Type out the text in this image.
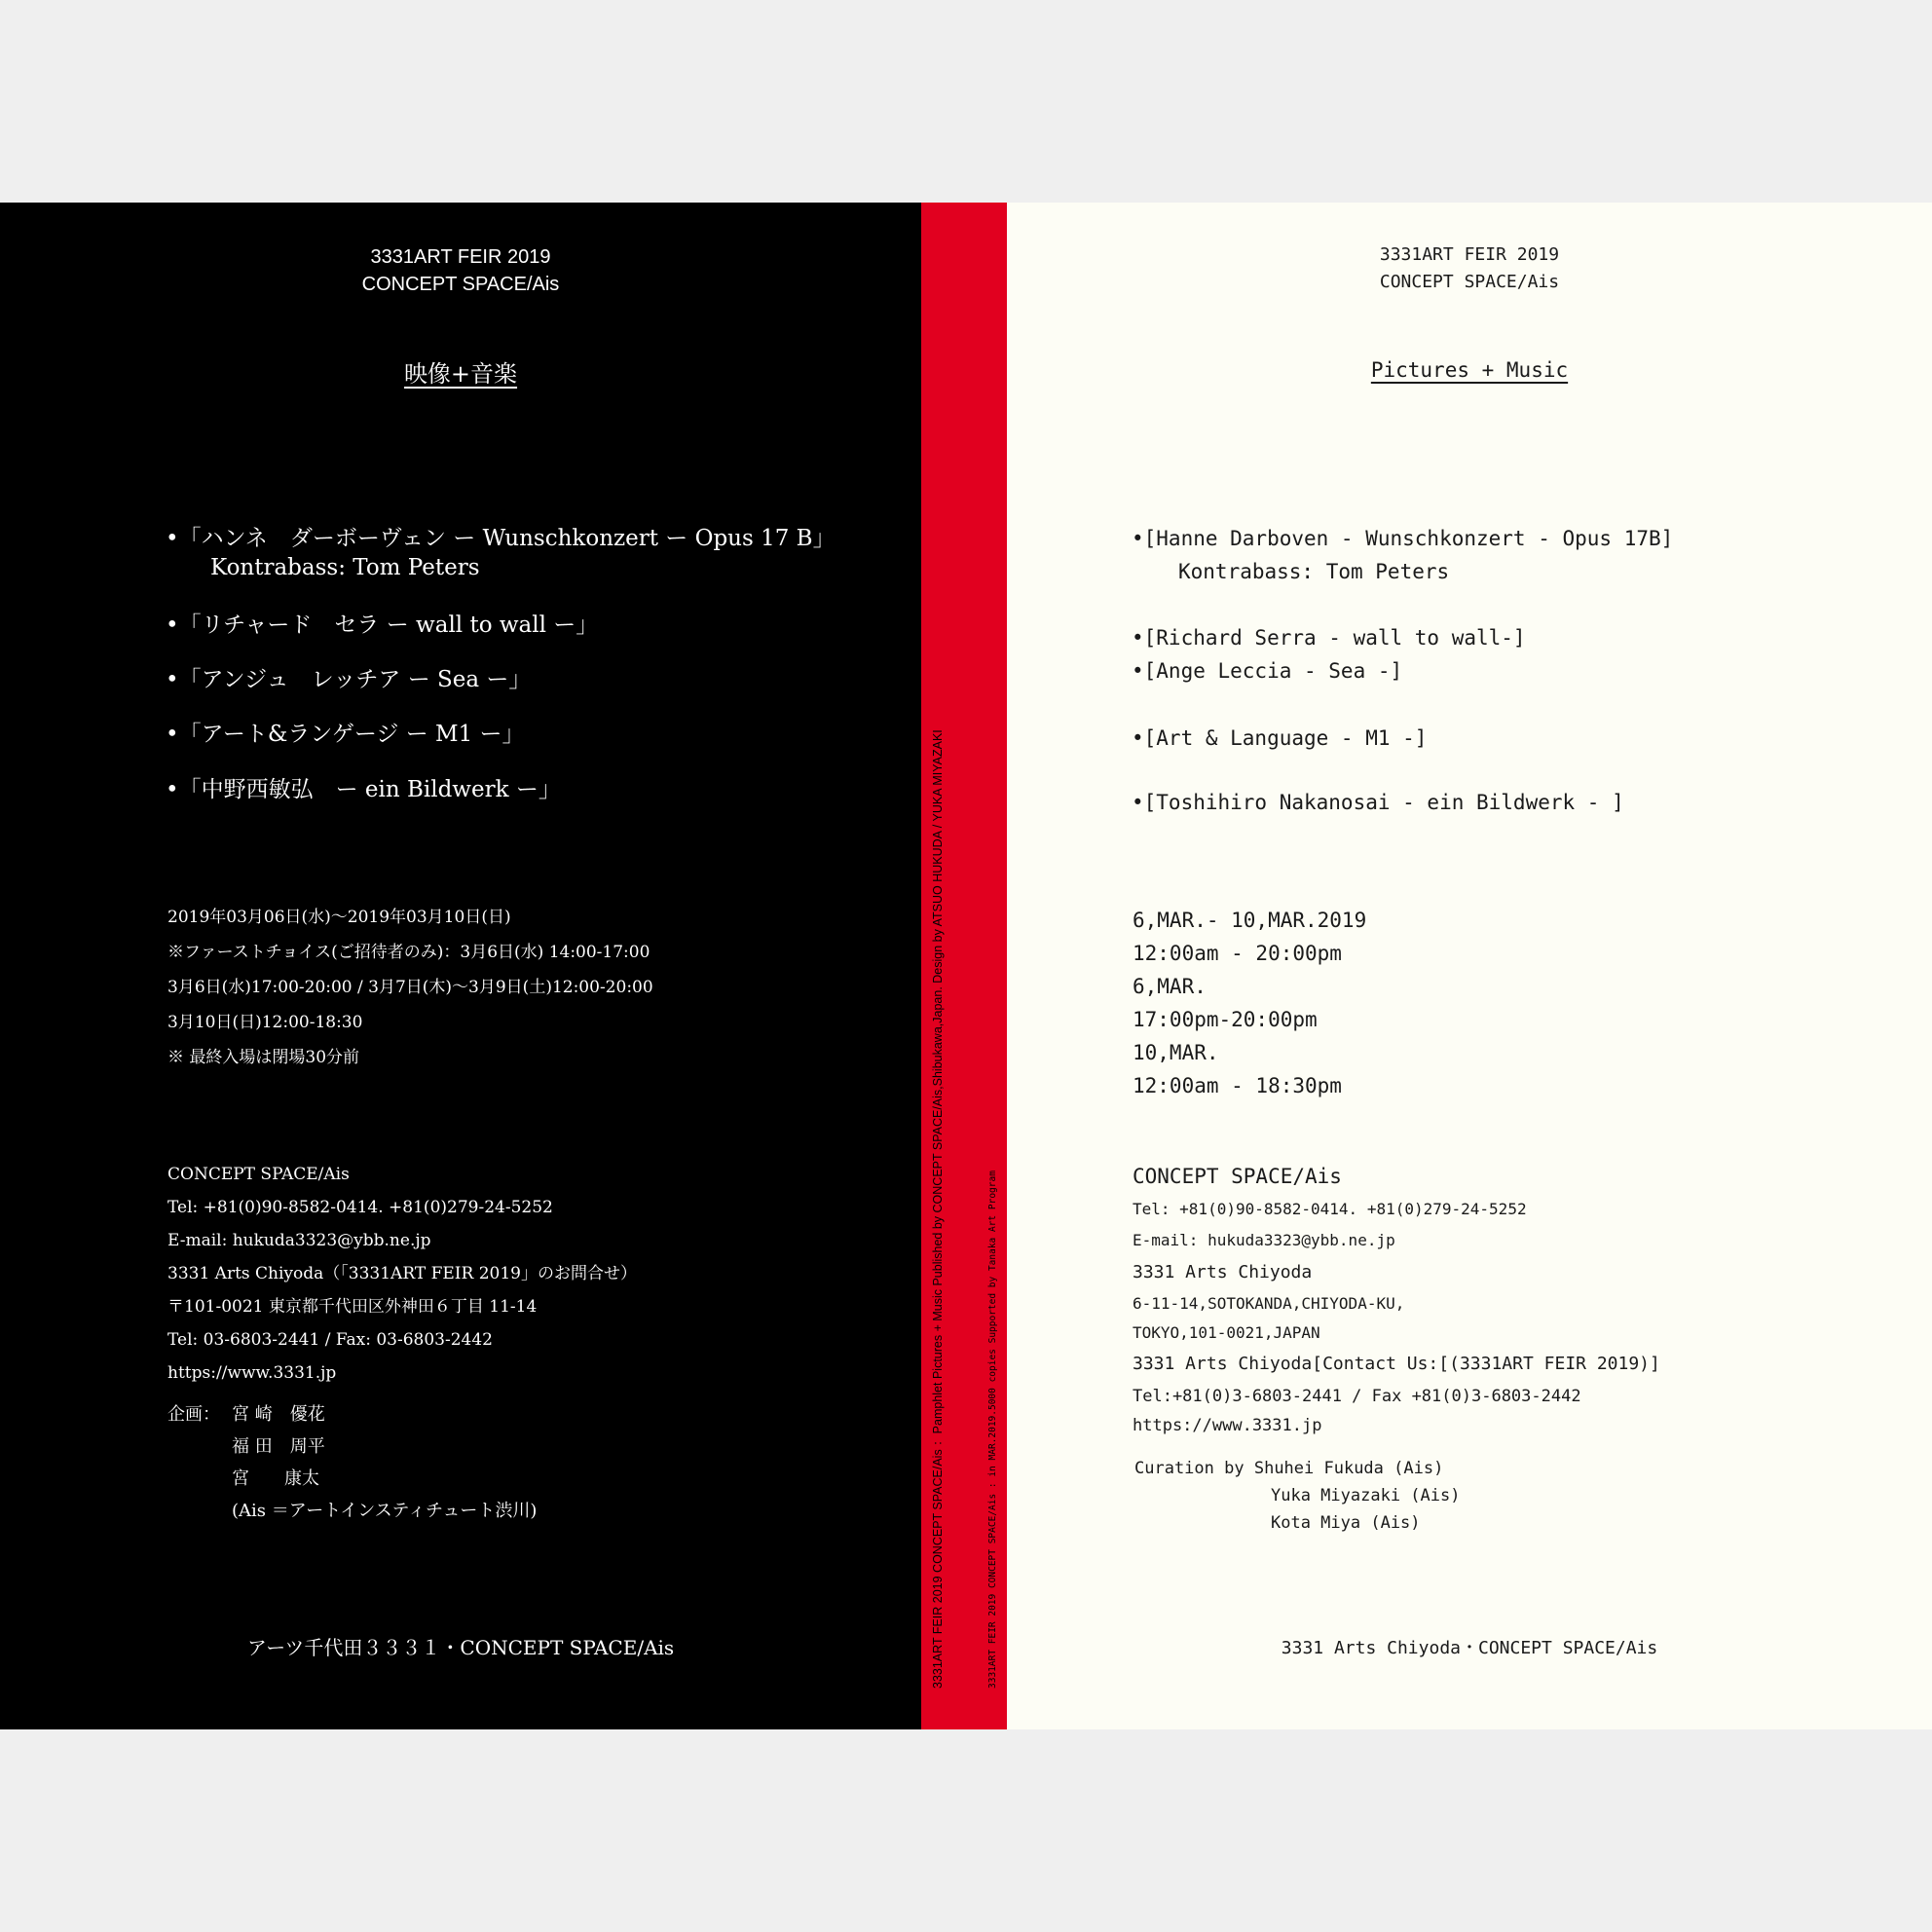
3331ART FEIR 2019
CONCEPT SPACE/Ais
映像+音楽
•「ハンネ　ダーボーヴェン ー Wunschkonzert ー Opus 17 B」
Kontrabass: Tom Peters
•「リチャード　セラ ー wall to wall ー」
•「アンジュ　レッチア ー Sea ー」
•「アート&ランゲージ ー M1 ー」
•「中野西敏弘　ー ein Bildwerk ー」
2019年03月06日(水)〜2019年03月10日(日)
※ファーストチョイス(ご招待者のみ)：3月6日(水) 14:00-17:00
3月6日(水)17:00-20:00 / 3月7日(木)〜3月9日(土)12:00-20:00
3月10日(日)12:00-18:30
※ 最終入場は閉場30分前
CONCEPT SPACE/Ais
Tel: +81(0)90-8582-0414. +81(0)279-24-5252
E-mail: hukuda3323@ybb.ne.jp
3331 Arts Chiyoda（「3331ART FEIR 2019」のお問合せ）
〒101-0021 東京都千代田区外神田６丁目 11-14
Tel: 03-6803-2441 / Fax: 03-6803-2442
https://www.3331.jp
企画： 宮 崎　優花
福 田　周平
宮　　康太
(Ais ＝アートインスティチュート渋川)
アーツ千代田３３３１・CONCEPT SPACE/Ais
3331ART FEIR 2019
CONCEPT SPACE/Ais
Pictures + Music
•[Hanne Darboven - Wunschkonzert - Opus 17B]
Kontrabass: Tom Peters
•[Richard Serra - wall to wall-]
•[Ange Leccia - Sea -]
•[Art & Language - M1 -]
•[Toshihiro Nakanosai - ein Bildwerk - ]
6,MAR.- 10,MAR.2019
12:00am - 20:00pm
6,MAR.
17:00pm-20:00pm
10,MAR.
12:00am - 18:30pm
CONCEPT SPACE/Ais
Tel: +81(0)90-8582-0414. +81(0)279-24-5252
E-mail: hukuda3323@ybb.ne.jp
3331 Arts Chiyoda
6-11-14,SOTOKANDA,CHIYODA-KU,
TOKYO,101-0021,JAPAN
3331 Arts Chiyoda[Contact Us:[(3331ART FEIR 2019)]
Tel:+81(0)3-6803-2441 / Fax +81(0)3-6803-2442
https://www.3331.jp
Curation by Shuhei Fukuda (Ais)
Yuka Miyazaki (Ais)
Kota Miya (Ais)
3331 Arts Chiyoda・CONCEPT SPACE/Ais
3331ART FEIR 2019 CONCEPT SPACE/Ais ：Pamphlet Pictures + Music Published by CONCEPT SPACE/Ais,Shibukawa,Japan. Design by ATSUO HUKUDA / YUKA MIYAZAKI	3331ART FEIR 2019 CONCEPT SPACE/Ais : in MAR.2019.5000 copies Supported by Tanaka Art Program
